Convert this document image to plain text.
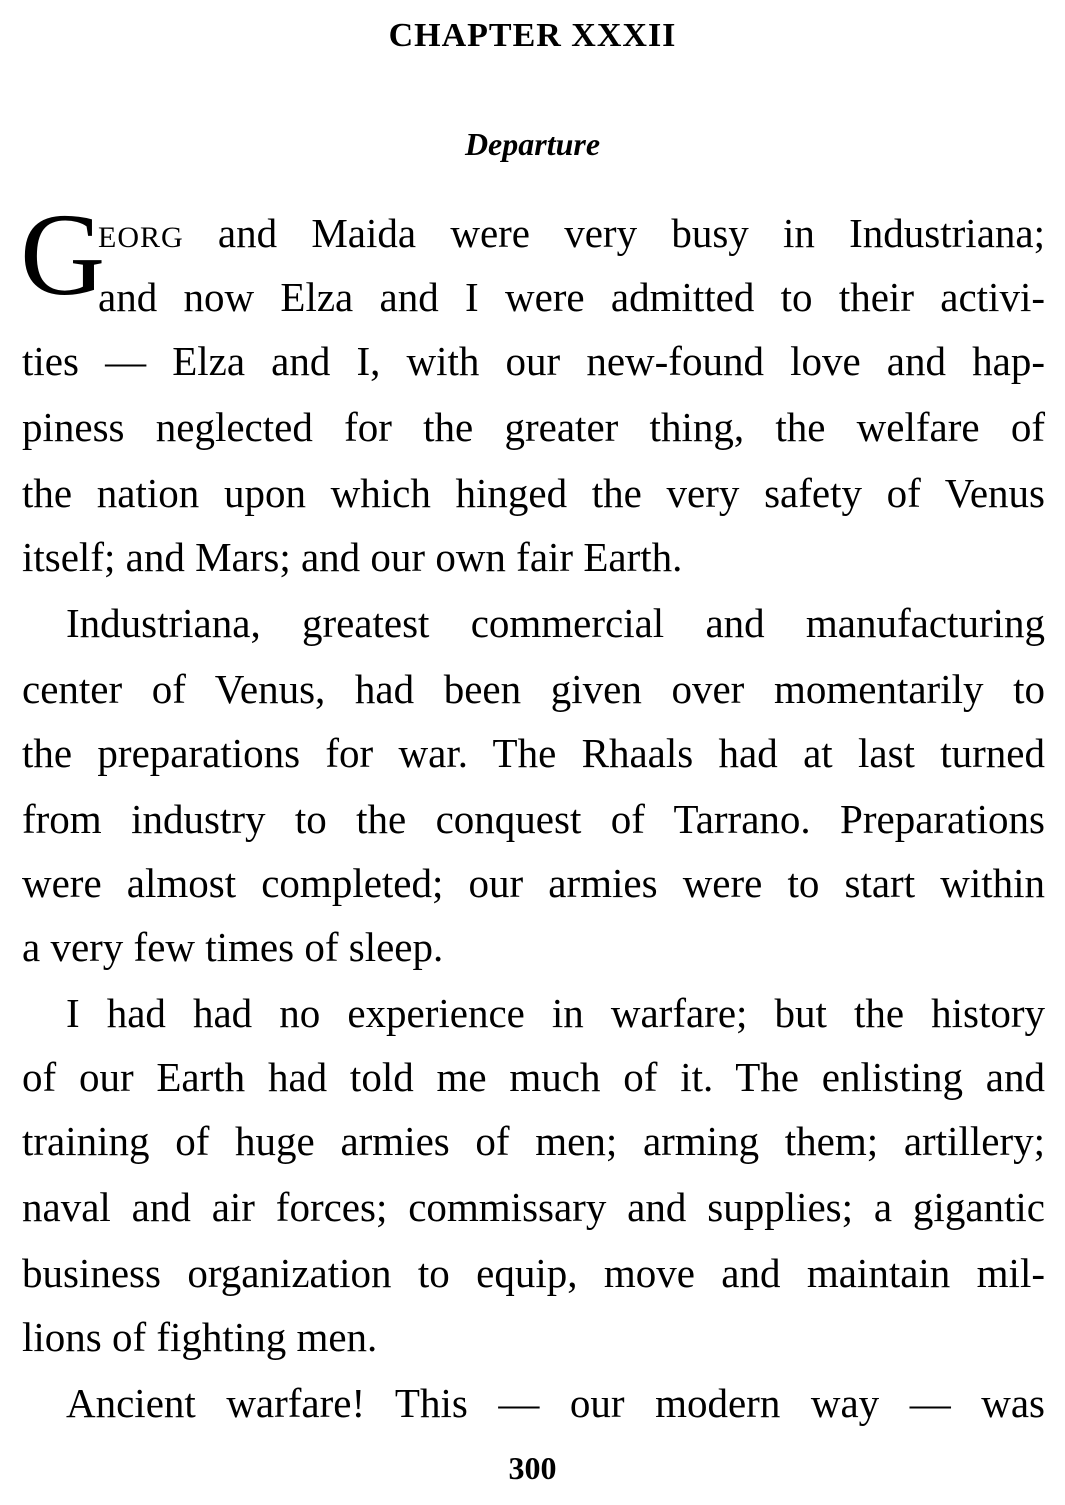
CHAPTER XXXII
Departure
G
EORG and Maida were very busy in Industriana;
and now Elza and I were admitted to their activi-
ties — Elza and I, with our new-found love and hap-
piness neglected for the greater thing, the welfare of
the nation upon which hinged the very safety of Venus
itself; and Mars; and our own fair Earth.
Industriana, greatest commercial and manufacturing
center of Venus, had been given over momentarily to
the preparations for war. The Rhaals had at last turned
from industry to the conquest of Tarrano. Preparations
were almost completed; our armies were to start within
a very few times of sleep.
I had had no experience in warfare; but the history
of our Earth had told me much of it. The enlisting and
training of huge armies of men; arming them; artillery;
naval and air forces; commissary and supplies; a gigantic
business organization to equip, move and maintain mil-
lions of fighting men.
Ancient warfare! This — our modern way — was
300
